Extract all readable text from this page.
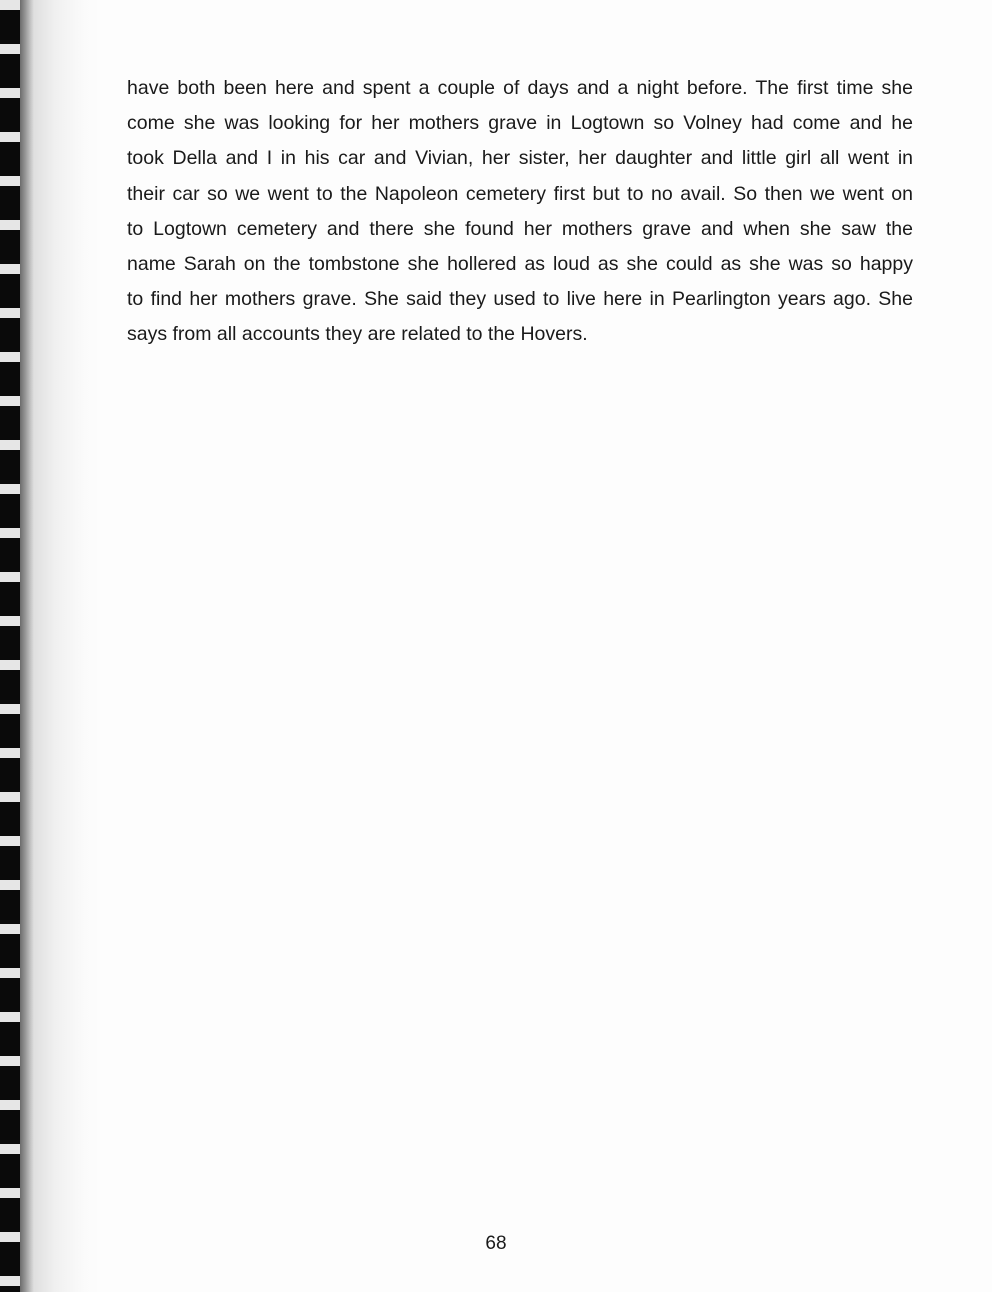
have both been here and spent a couple of days and a night before. The first time she
come she was looking for her mothers grave in Logtown so Volney had come and he
took Della and I in his car and Vivian, her sister, her daughter and little girl all went in
their car so we went to the Napoleon cemetery first but to no avail. So then we went on
to Logtown cemetery and there she found her mothers grave and when she saw the
name Sarah on the tombstone she hollered as loud as she could as she was so happy
to find her mothers grave. She said they used to live here in Pearlington years ago. She
says from all accounts they are related to the Hovers.

68
